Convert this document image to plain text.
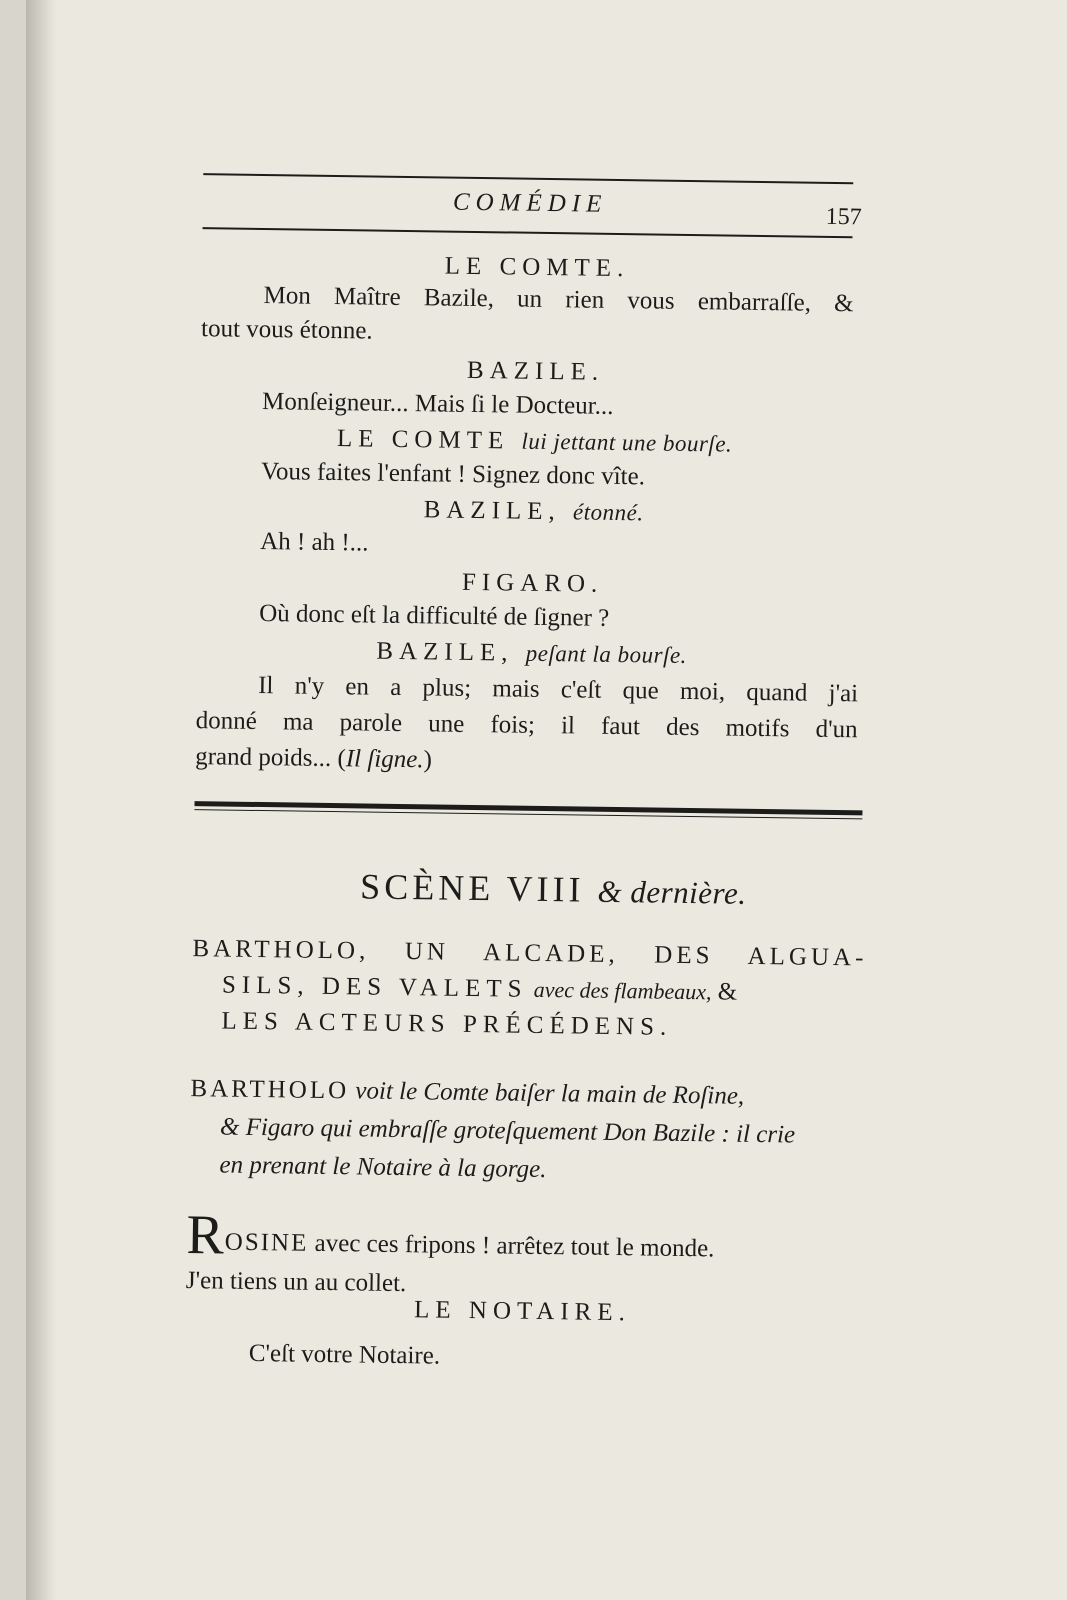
COMÉDIE	157

LE COMTE.

Mon Maître Bazile, un rien vous embarraſſe, &

tout vous étonne.

BAZILE.

Monſeigneur... Mais ſi le Docteur...

LE COMTE lui jettant une bourſe.

Vous faites l'enfant ! Signez donc vîte.

BAZILE, étonné.

Ah ! ah !...

FIGARO.

Où donc eſt la difficulté de ſigner ?

BAZILE, peſant la bourſe.

Il n'y en a plus; mais c'eſt que moi, quand j'ai

donné ma parole une fois; il faut des motifs d'un

grand poids... (Il ſigne.)

SCÈNE VIII & dernière.

BARTHOLO, UN ALCADE, DES ALGUA-

SILS, DES VALETS avec des flambeaux, &

LES ACTEURS PRÉCÉDENS.

BARTHOLO voit le Comte baiſer la main de Roſine,

& Figaro qui embraſſe groteſquement Don Bazile : il crie

en prenant le Notaire à la gorge.

ROSINE avec ces fripons ! arrêtez tout le monde.

J'en tiens un au collet.

LE NOTAIRE.

C'eſt votre Notaire.
